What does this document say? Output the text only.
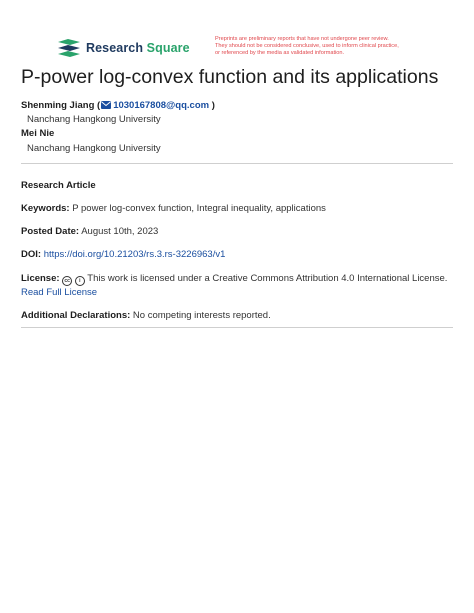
Research Square
Preprints are preliminary reports that have not undergone peer review.
They should not be considered conclusive, used to inform clinical practice,
or referenced by the media as validated information.
P-power log-convex function and its applications
Shenming Jiang ( 1030167808@qq.com )
Nanchang Hangkong University
Mei Nie
Nanchang Hangkong University
Research Article
Keywords: P power log-convex function, Integral inequality, applications
Posted Date: August 10th, 2023
DOI: https://doi.org/10.21203/rs.3.rs-3226963/v1
License: cc i This work is licensed under a Creative Commons Attribution 4.0 International License.
Read Full License
Additional Declarations: No competing interests reported.
